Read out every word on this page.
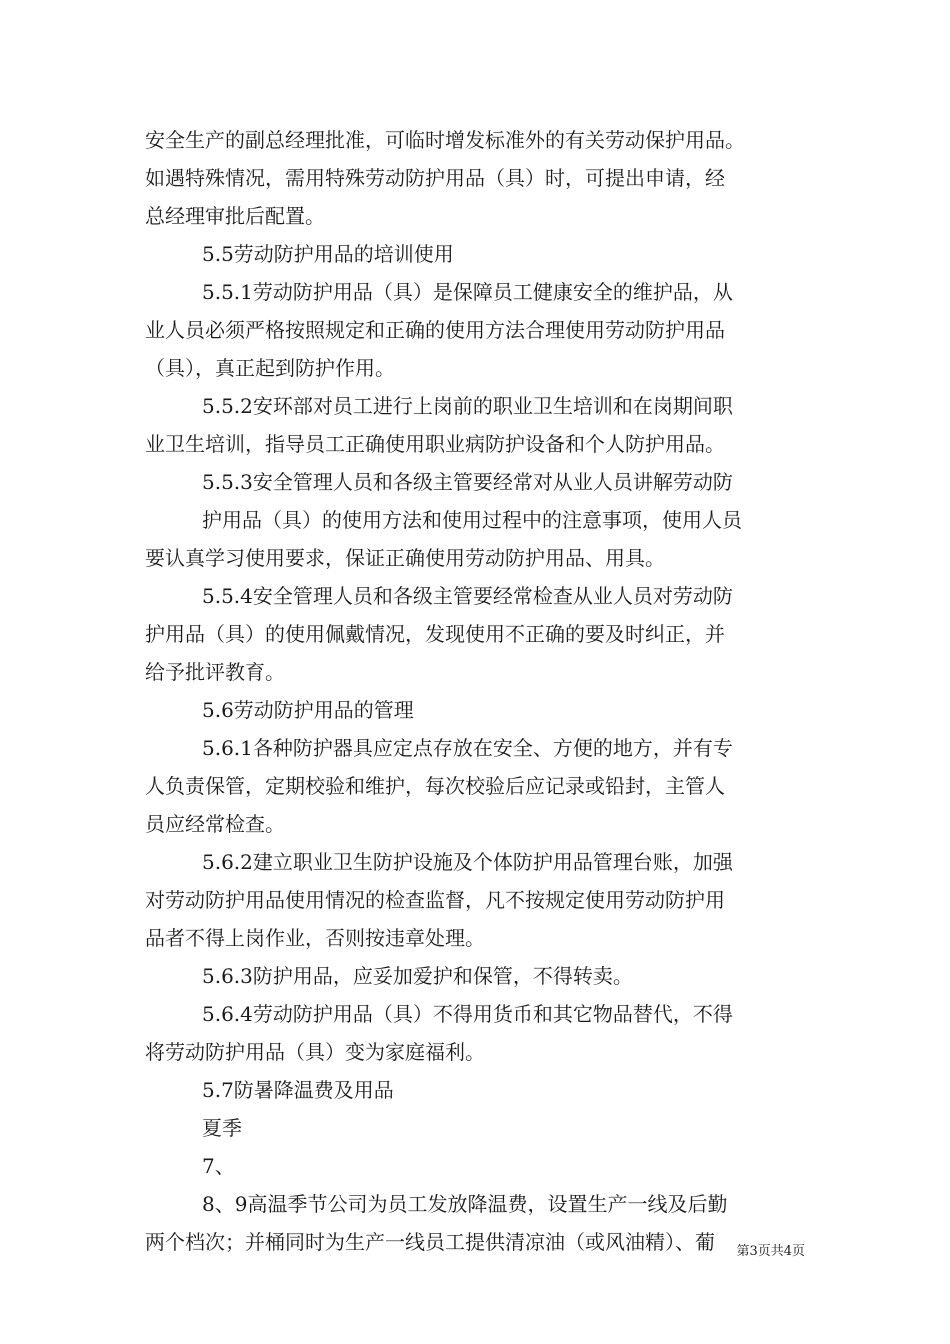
安全生产的副总经理批准，可临时增发标准外的有关劳动保护用品。
如遇特殊情况，需用特殊劳动防护用品（具）时，可提出申请，经
总经理审批后配置。
5.5劳动防护用品的培训使用
5.5.1劳动防护用品（具）是保障员工健康安全的维护品，从
业人员必须严格按照规定和正确的使用方法合理使用劳动防护用品
（具），真正起到防护作用。
5.5.2安环部对员工进行上岗前的职业卫生培训和在岗期间职
业卫生培训，指导员工正确使用职业病防护设备和个人防护用品。
5.5.3安全管理人员和各级主管要经常对从业人员讲解劳动防
护用品（具）的使用方法和使用过程中的注意事项，使用人员
要认真学习使用要求，保证正确使用劳动防护用品、用具。
5.5.4安全管理人员和各级主管要经常检查从业人员对劳动防
护用品（具）的使用佩戴情况，发现使用不正确的要及时纠正，并
给予批评教育。
5.6劳动防护用品的管理
5.6.1各种防护器具应定点存放在安全、方便的地方，并有专
人负责保管，定期校验和维护，每次校验后应记录或铅封，主管人
员应经常检查。
5.6.2建立职业卫生防护设施及个体防护用品管理台账，加强
对劳动防护用品使用情况的检查监督，凡不按规定使用劳动防护用
品者不得上岗作业，否则按违章处理。
5.6.3防护用品，应妥加爱护和保管，不得转卖。
5.6.4劳动防护用品（具）不得用货币和其它物品替代，不得
将劳动防护用品（具）变为家庭福利。
5.7防暑降温费及用品
夏季
7、
8、9高温季节公司为员工发放降温费，设置生产一线及后勤
两个档次；并桶同时为生产一线员工提供清凉油（或风油精）、葡	第3页共4页
